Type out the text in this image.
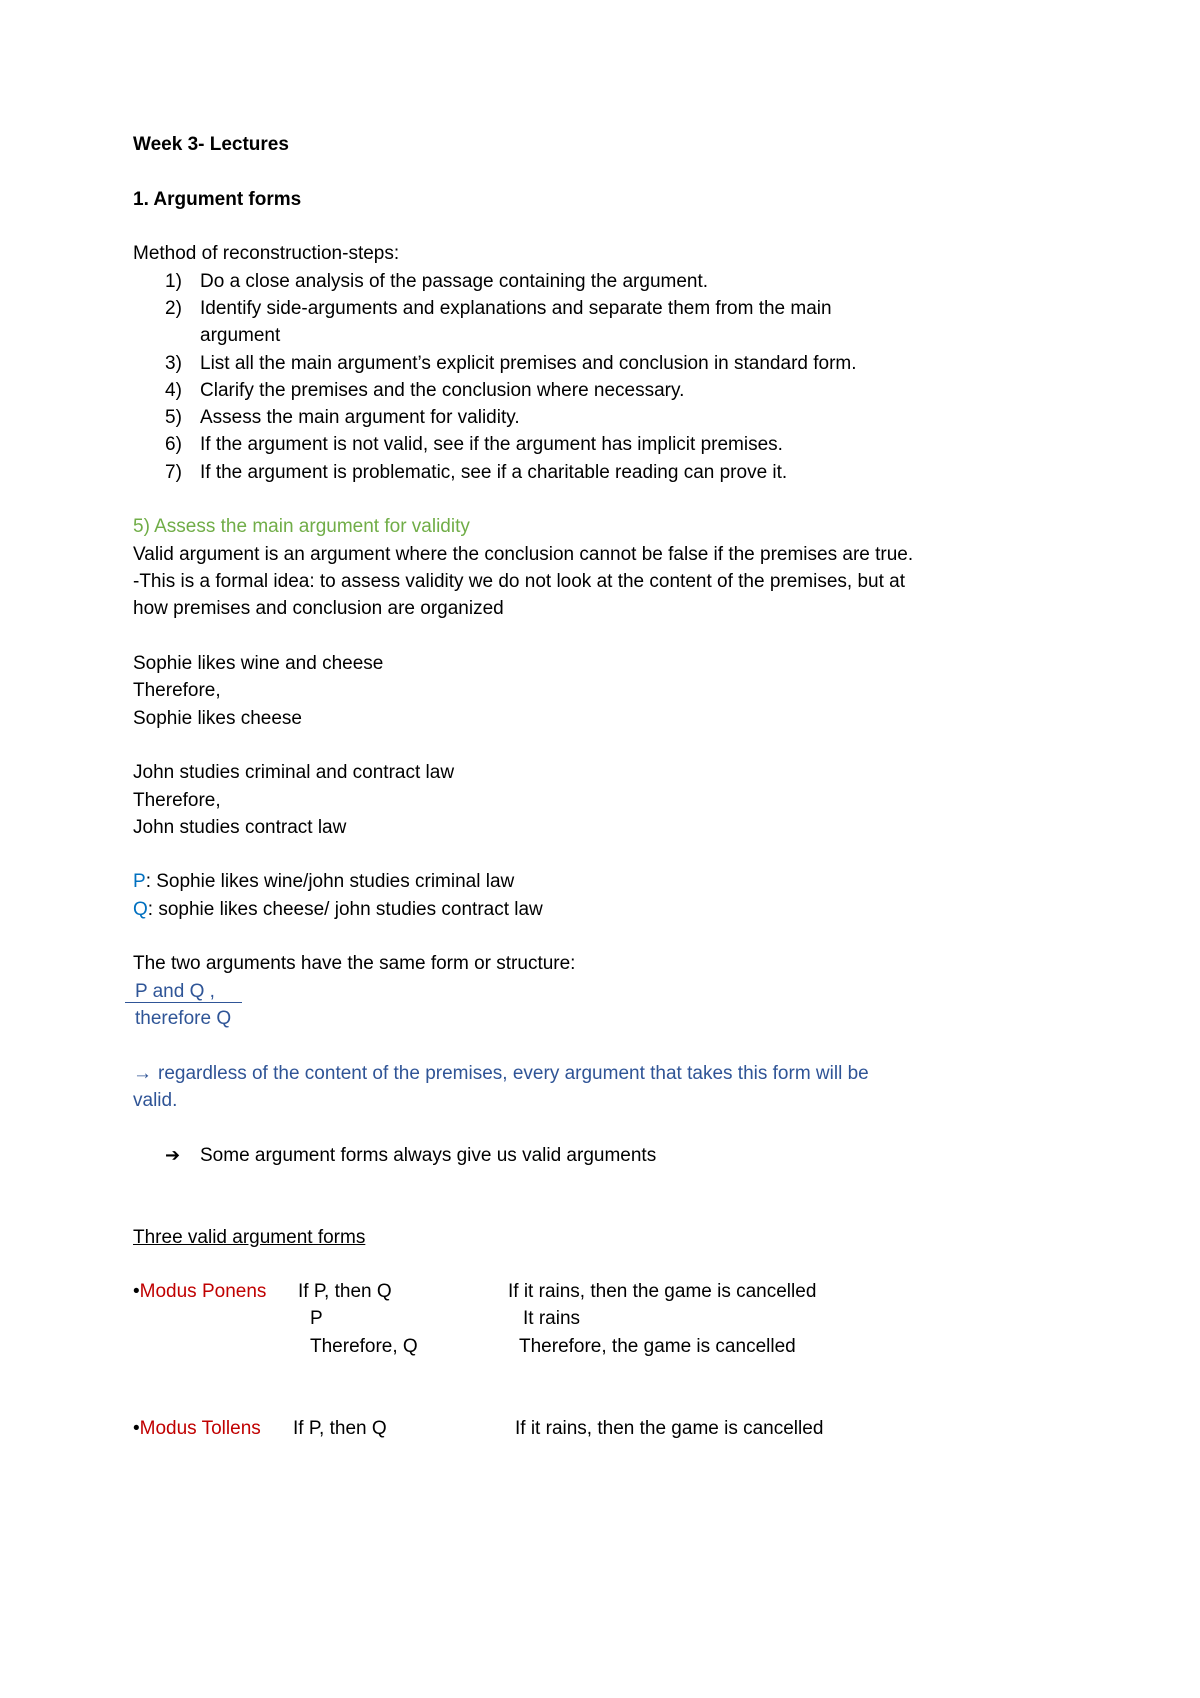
Week 3- Lectures
1. Argument forms
Method of reconstruction-steps:
1) Do a close analysis of the passage containing the argument.
2) Identify side-arguments and explanations and separate them from the main
argument
3) List all the main argument’s explicit premises and conclusion in standard form.
4) Clarify the premises and the conclusion where necessary.
5) Assess the main argument for validity.
6) If the argument is not valid, see if the argument has implicit premises.
7) If the argument is problematic, see if a charitable reading can prove it.
5) Assess the main argument for validity
Valid argument is an argument where the conclusion cannot be false if the premises are true.
-This is a formal idea: to assess validity we do not look at the content of the premises, but at
how premises and conclusion are organized
Sophie likes wine and cheese
Therefore,
Sophie likes cheese
John studies criminal and contract law
Therefore,
John studies contract law
P: Sophie likes wine/john studies criminal law
Q: sophie likes cheese/ john studies contract law
The two arguments have the same form or structure:
P and Q ,
therefore Q
→ regardless of the content of the premises, every argument that takes this form will be
valid.
➔ Some argument forms always give us valid arguments
Three valid argument forms
•Modus Ponens If P, then Q	If it rains, then the game is cancelled
P	It rains
Therefore, Q	Therefore, the game is cancelled
•Modus Tollens If P, then Q	If it rains, then the game is cancelled
